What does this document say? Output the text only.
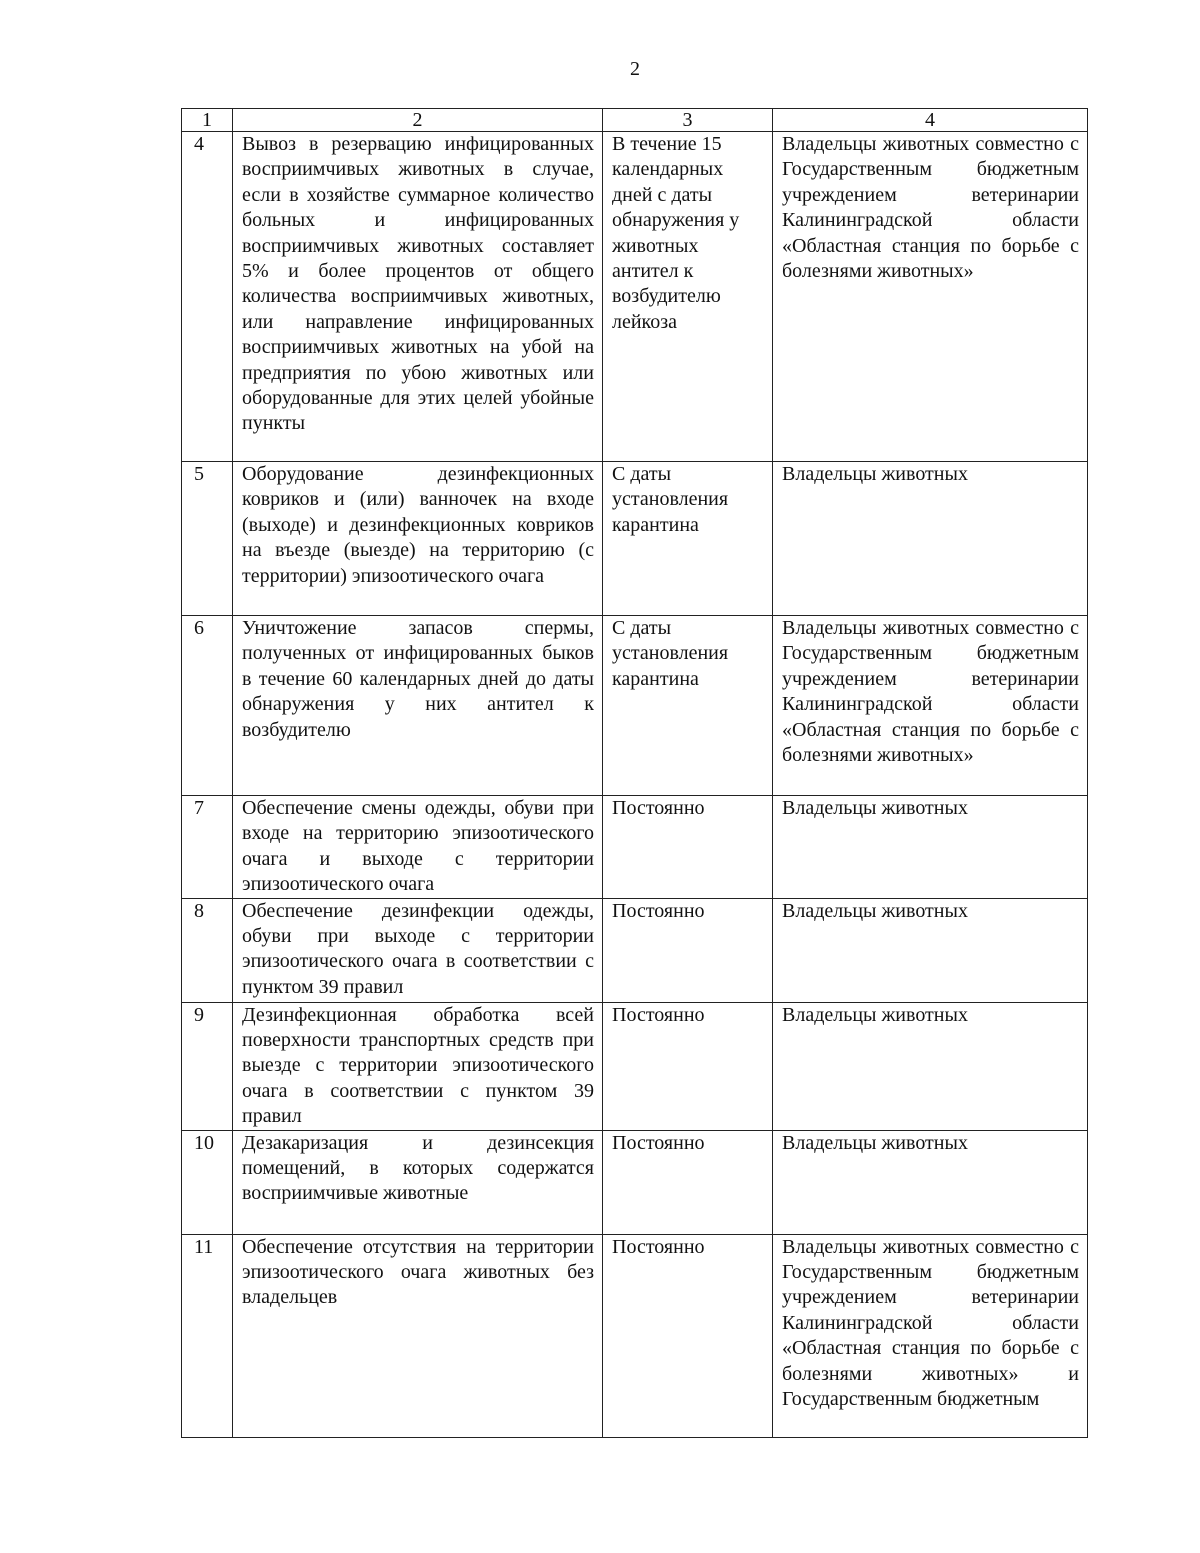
2
1	2	3	4
4	Вывоз в резервацию инфицированных восприимчивых животных в случае, если в хозяйстве суммарное количество больных и инфицированных восприимчивых животных составляет 5% и более процентов от общего количества восприимчивых животных, или направление инфицированных восприимчивых животных на убой на предприятия по убою животных или оборудованные для этих целей убойные пункты	В течение 15 календарных дней с даты обнаружения у животных антител к возбудителю лейкоза	Владельцы животных совместно с Государственным бюджетным учреждением ветеринарии Калининградской области «Областная станция по борьбе с болезнями животных»

5	Оборудование дезинфекционных ковриков и (или) ванночек на входе (выходе) и дезинфекционных ковриков на въезде (выезде) на территорию (с территории) эпизоотического очага	С даты установления карантина	Владельцы животных
6	Уничтожение запасов спермы, полученных от инфицированных быков в течение 60 календарных дней до даты обнаружения у них антител к возбудителю	С даты установления карантина	Владельцы животных совместно с Государственным бюджетным учреждением ветеринарии Калининградской области «Областная станция по борьбе с болезнями животных»

7	Обеспечение смены одежды, обуви при входе на территорию эпизоотического очага и выходе с территории эпизоотического очага	Постоянно	Владельцы животных
8	Обеспечение дезинфекции одежды, обуви при выходе с территории эпизоотического очага в соответствии с пунктом 39 правил	Постоянно	Владельцы животных
9	Дезинфекционная обработка всей поверхности транспортных средств при выезде с территории эпизоотического очага в соответствии с пунктом 39 правил	Постоянно	Владельцы животных
10	Дезакаризация и дезинсекция помещений, в которых содержатся восприимчивые животные	Постоянно	Владельцы животных
11	Обеспечение отсутствия на территории эпизоотического очага животных без владельцев	Постоянно	Владельцы животных совместно с Государственным бюджетным учреждением ветеринарии Калининградской области «Областная станция по борьбе с болезнями животных» и Государственным бюджетным
